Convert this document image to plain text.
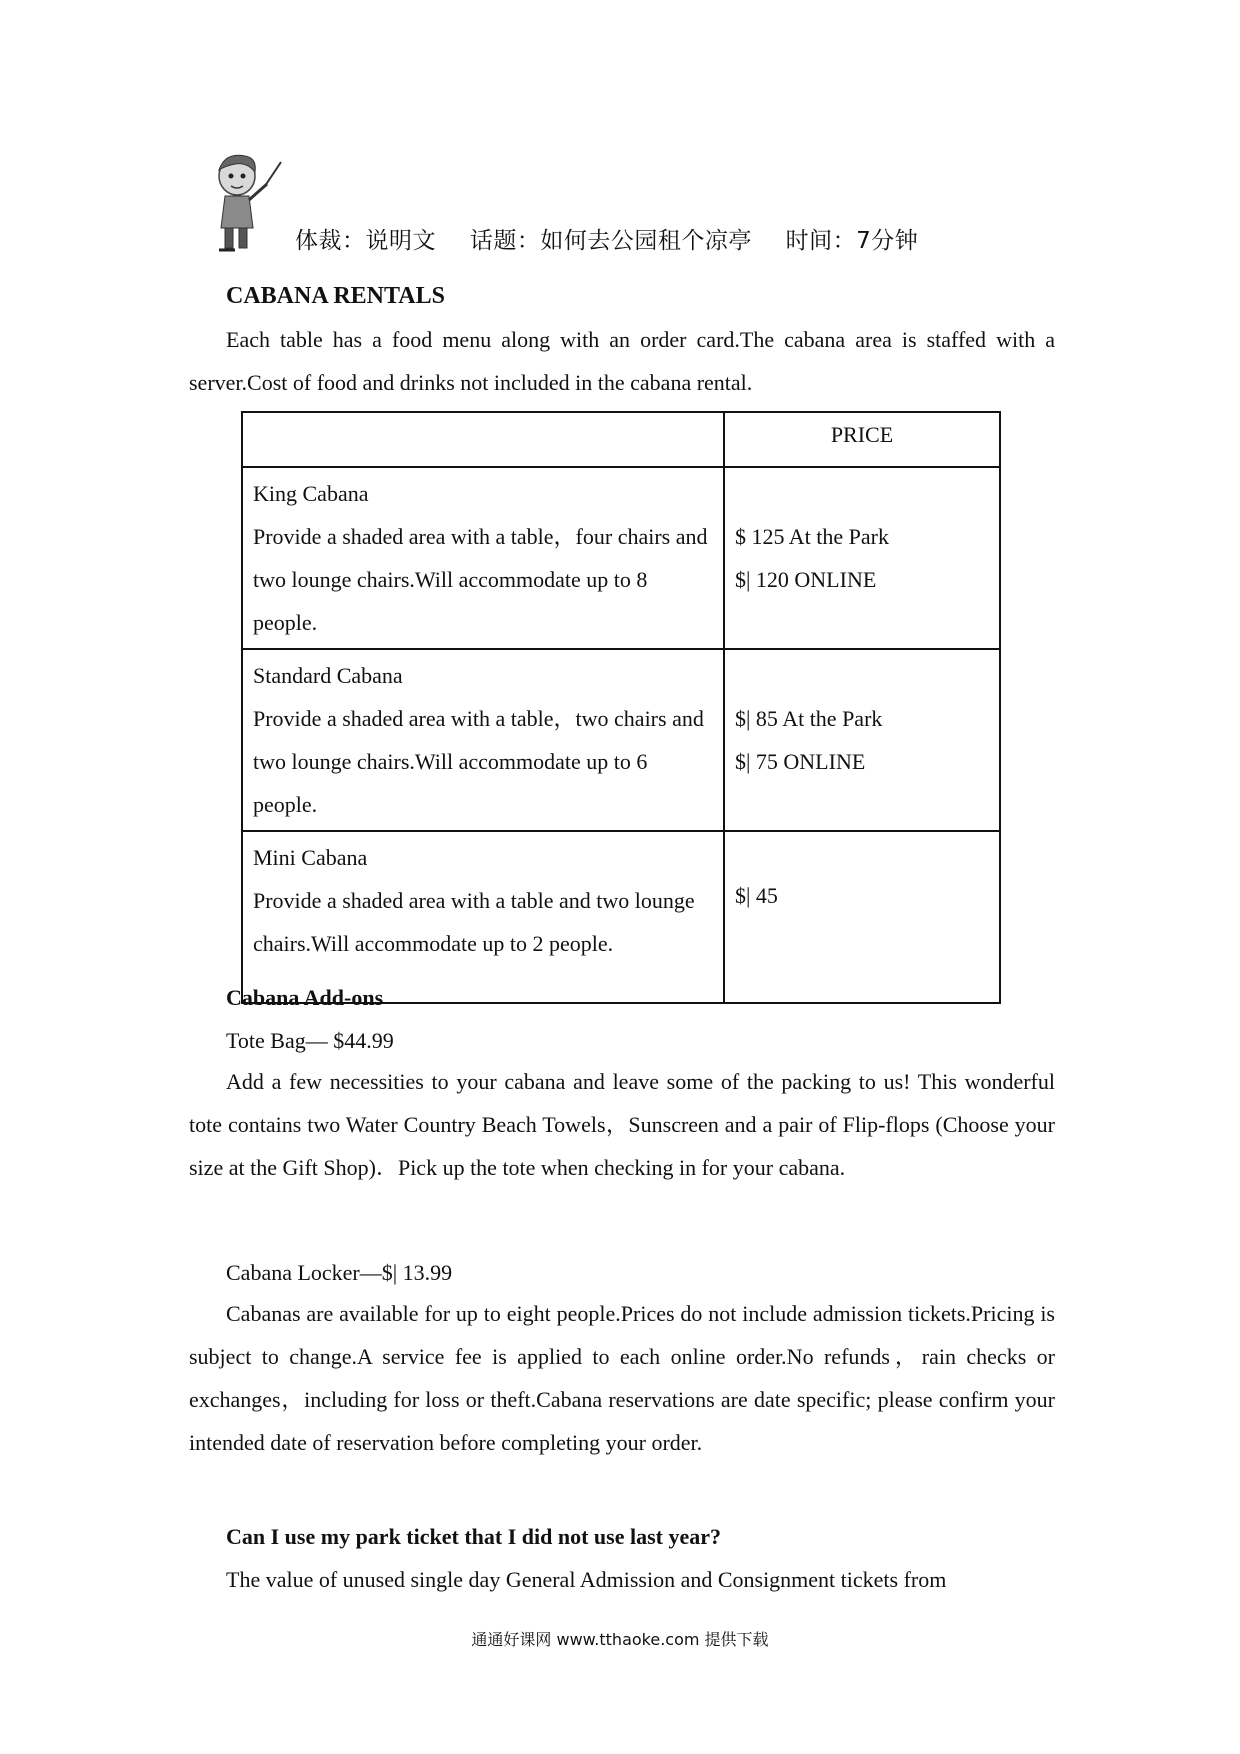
体裁：说明文 话题：如何去公园租个凉亭 时间：7分钟
CABANA RENTALS
Each table has a food menu along with an order card.The cabana area is staffed with a server.Cost of food and drinks not included in the cabana rental.
	PRICE

King Cabana
Provide a shaded area with a table，four chairs and two lounge chairs.Will accommodate up to 8 people.	$ 125 At the Park
$| 120 ONLINE

Standard Cabana
Provide a shaded area with a table，two chairs and two lounge chairs.Will accommodate up to 6 people.	$| 85 At the Park
$| 75 ONLINE

Mini Cabana
Provide a shaded area with a table and two lounge chairs.Will accommodate up to 2 people.	$| 45
Cabana Add-ons
Tote Bag— $44.99
Add a few necessities to your cabana and leave some of the packing to us! This wonderful tote contains two Water Country Beach Towels，Sunscreen and a pair of Flip-flops (Choose your size at the Gift Shop)．Pick up the tote when checking in for your cabana.
Cabana Locker—$| 13.99
Cabanas are available for up to eight people.Prices do not include admission tickets.Pricing is subject to change.A service fee is applied to each online order.No refunds，rain checks or exchanges，including for loss or theft.Cabana reservations are date specific; please confirm your intended date of reservation before completing your order.
Can I use my park ticket that I did not use last year?
The value of unused single day General Admission and Consignment tickets from
通通好课网 www.tthaoke.com 提供下载
